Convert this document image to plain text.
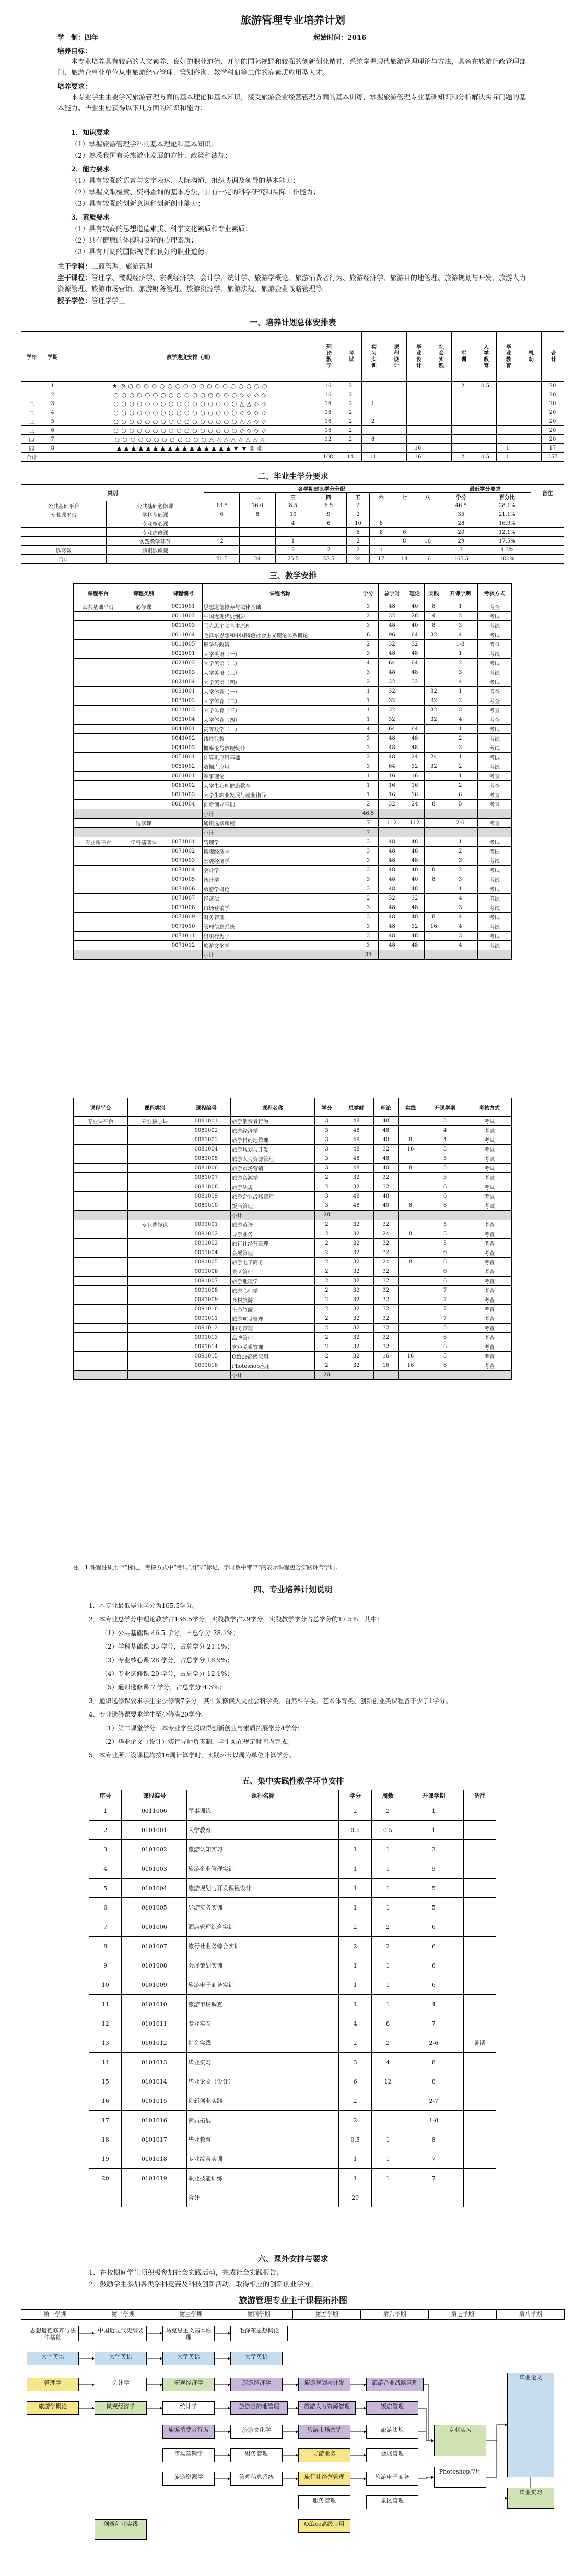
旅游管理专业培养计划
学　制：四年	起始时间：2016
培养目标：
本专业培养具有较高的人文素养、良好的职业道德、开阔的国际视野和较强的创新创业精神，系统掌握现代旅游管理理论与方法，具备在旅游行政管理部门、旅游企事业单位从事旅游经营管理、策划咨询、教学科研等工作的高素质应用型人才。
培养要求：
本专业学生主要学习旅游管理方面的基本理论和基本知识，接受旅游企业经营管理方面的基本训练，掌握旅游管理专业基础知识和分析解决实际问题的基本能力。毕业生应获得以下几方面的知识和能力：
1．知识要求
（1）掌握旅游管理学科的基本理论和基本知识；
（2）熟悉我国有关旅游业发展的方针、政策和法规；
2．能力要求
（1）具有较强的语言与文字表达、人际沟通、组织协调及领导的基本能力；
（2）掌握文献检索、资料查询的基本方法，具有一定的科学研究和实际工作能力；
（3）具有较强的创新意识和创新创业能力；
3．素质要求
（1）具有较高的思想道德素质、科学文化素质和专业素质；
（2）具有健康的体魄和良好的心理素质；
（3）具有开阔的国际视野和良好的职业道德。
主干学科：工商管理、旅游管理
主干课程：管理学、微观经济学、宏观经济学、会计学、统计学、旅游学概论、旅游消费者行为、旅游经济学、旅游目的地管理、旅游规划与开发、旅游人力资源管理、旅游市场营销、旅游财务管理、旅游资源学、旅游法规、旅游企业战略管理等。
授予学位：管理学学士
一、培养计划总体安排表
学年	学期	教学进度安排（周）	理论教学	考试	实习实训	课程设计	毕业设计	社会实践	军训	入学教育	毕业教育	机动	合计
一	1	★ ◎ ○ ○ ○ ○ ○ ○ ○ ○ ○ ○ ○ ○ ○ ○ ○ ○ ○ ○	16	2					2	0.5			20
一	2	○ ○ ○ ○ ○ ○ ○ ○ ○ ○ ○ ○ ○ ○ ○ ○ ◇ ◇ ◇ ◇	16	2									20
二	3	○ ○ ○ ○ ○ ○ ○ ○ ○ ○ ○ ○ ○ ○ ○ ○ △ △ ◇ ◇	16	2	1								20
二	4	○ ○ ○ ○ ○ ○ ○ ○ ○ ○ ○ ○ ○ ○ ○ ○ ◇ ◇ ◇ ◇	16	2									20
三	5	○ ○ ○ ○ ○ ○ ○ ○ ○ ○ ○ ○ ○ ○ ○ ○ △ △ ◇ ◇	16	2	2								20
三	6	○ ○ ○ ○ ○ ○ ○ ○ ○ ○ ○ ○ ○ ○ ○ ○ ◇ ◇ ◇ ◇	16	2									20
四	7	○ ○ ○ ○ ○ ○ ○ ○ ○ ○ ○ ○ △ △ △ △ △ △ △ △	12	2	8								20
四	8	▲ ▲ ▲ ▲ ▲ ▲ ▲ ▲ ▲ ▲ ▲ ▲ ▲ ▲ ▲ ▲ ★ ★ ◎ ◎					16				1		17
合计			108	14	11		16		2	0.5	1		157
二、毕业生学分要求
类别		各学期建议学分分配								最低学分要求		备注
		一	二	三	四	五	六	七	八	学分	百分比	
公共基础平台	公共基础必修课	13.5	16.0	8.5	6.5	2				46.5	28.1%	
专业课平台	学科基础课	6	8	10	9	2				35	21.1%	
	专业核心课			4	6	10	8			28	16.9%	
	专业选修课					6	8	6		20	12.1%	
	实践教学环节	2		1		2		8	16	29	17.5%	
选修课	通识选修课			2	2	2	1			7	4.3%	
合计		21.5	24	25.5	23.5	24	17	14	16	165.5	100%	
三、教学安排
课程平台	课程类别	课程编号	课程名称	学分	总学时	理论	实践	开课学期	考核方式
公共基础平台	必修课	0011001	思想道德修养与法律基础	3	48	40	8	1	考查
		0011002	中国近现代史纲要	2	32	28	4	2	考试
		0011003	马克思主义基本原理	3	48	40	8	3	考试
		0011004	毛泽东思想和中国特色社会主义理论体系概论	6	96	64	32	4	考试
		0011005	形势与政策	2	32	32		1-8	考查
		0021001	大学英语（一）	3	48	48		1	考试
		0021002	大学英语（二）	4	64	64		2	考试
		0021003	大学英语（三）	3	48	48		3	考试
		0021004	大学英语（四）	2	32	32		4	考试
		0031001	大学体育（一）	1	32		32	1	考查
		0031002	大学体育（二）	1	32		32	2	考查
		0031003	大学体育（三）	1	32		32	3	考查
		0031004	大学体育（四）	1	32		32	4	考查
		0041001	高等数学（一）	4	64	64		1	考试
		0041002	线性代数	3	48	48		2	考试
		0041003	概率论与数理统计	3	48	48		3	考试
		0051001	计算机应用基础	2	48	24	24	1	考试
		0051002	数据库应用	3	64	32	32	2	考试
		0061001	军事理论	1	16	16		1	考查
		0061002	大学生心理健康教育	1	16	16		2	考查
		0061003	大学生职业发展与就业指导	1	16	16		6	考查
		0061004	创新创业基础	2	32	24	8	5	考查
			小计	46.5					
	选修课		通识选修课程	7	112	112		2-6	考查
			小计	7					
专业课平台	学科基础课	0071001	管理学	3	48	48		1	考试
		0071002	微观经济学	3	48	48		2	考试
		0071003	宏观经济学	3	48	48		3	考试
		0071004	会计学	3	48	40	8	2	考试
		0071005	统计学	3	48	40	8	3	考试
		0071006	旅游学概论	3	48	48		1	考试
		0071007	经济法	2	32	32		4	考试
		0071008	市场营销学	3	48	48		3	考试
		0071009	财务管理	3	48	40	8	4	考试
		0071010	管理信息系统	3	48	32	16	4	考试
		0071011	组织行为学	3	48	48		3	考试
		0071012	旅游文化学	3	48	48		4	考试
			小计	35					
课程平台	课程类别	课程编号	课程名称	学分	总学时	理论	实践	开课学期	考核方式
专业课平台	专业核心课	0081001	旅游消费者行为	3	48	48		3	考试
		0081002	旅游经济学	3	48	48		4	考试
		0081003	旅游目的地管理	3	48	40	8	4	考试
		0081004	旅游规划与开发	3	48	32	16	5	考试
		0081005	旅游人力资源管理	3	48	48		5	考试
		0081006	旅游市场营销	3	48	40	8	5	考试
		0081007	旅游资源学	2	32	32		3	考试
		0081008	旅游法规	2	32	32		6	考试
		0081009	旅游企业战略管理	3	48	48		6	考试
		0081010	饭店管理	3	48	40	8	6	考试
			小计	28					
	专业选修课	0091001	旅游英语	2	32	32		5	考查
		0091002	导游业务	2	32	24	8	5	考查
		0091003	旅行社经营管理	2	32	32		5	考查
		0091004	会展管理	2	32	32		6	考查
		0091005	旅游电子商务	2	32	24	8	6	考查
		0091006	景区管理	2	32	32		6	考查
		0091007	旅游地理学	2	32	32		6	考查
		0091008	旅游心理学	2	32	32		7	考查
		0091009	乡村旅游	2	32	32		7	考查
		0091010	生态旅游	2	32	32		7	考查
		0091011	旅游项目管理	2	32	32		7	考查
		0091012	服务管理	2	32	32		5	考查
		0091013	品牌管理	2	32	32		6	考查
		0091014	客户关系管理	2	32	32		6	考查
		0091015	Office高级应用	2	32	16	16	5	考查
		0091016	Photoshop应用	2	32	16	16	6	考查
			小计	20					
注：1.课程性质用“*”标记，考核方式中“考试”用“√”标记，学时数中带“*”的表示课程包含实践环节学时。
四、专业培养计划说明
1．本专业最低毕业学分为165.5学分。
2．本专业总学分中理论教学占136.5学分，实践教学占29学分，实践教学学分占总学分的17.5%，其中：
（1）公共基础课 46.5 学分，占总学分 28.1%；
（2）学科基础课 35 学分，占总学分 21.1%；
（3）专业核心课 28 学分，占总学分 16.9%；
（4）专业选修课 20 学分，占总学分 12.1%；
（5）通识选修课 7 学分，占总学分 4.3%；
3．通识选修课要求学生至少修满7学分，其中须修读人文社会科学类、自然科学类、艺术体育类、创新创业类课程各不少于1学分。
4．专业选修课要求学生至少修满20学分。
（1）第二课堂学分：本专业学生须取得创新创业与素质拓展学分4学分；
（2）毕业论文（设计）实行导师负责制，学生须在规定时间内完成。
5．本专业所开设课程均按16周计算学时，实践环节以周为单位计算学分。
五、集中实践性教学环节安排
序号	课程编号	课程名称	学分	周数	开课学期	备注
1	0011006	军事训练	2	2	1	
2	0101001	入学教育	0.5	0.5	1	
3	0101002	旅游认知实习	1	1	3	
4	0101003	旅游企业管理实训	1	1	5	
5	0101004	旅游规划与开发课程设计	1	1	5	
6	0101005	导游实务实训	1	1	5	
7	0101006	酒店管理综合实训	2	2	6	
8	0101007	旅行社业务综合实训	2	2	6	
9	0101008	会展策划实训	1	1	6	
10	0101009	旅游电子商务实训	1	1	6	
11	0101010	旅游市场调查	1	1	4	
12	0101011	专业实习	4	8	7	
13	0101012	社会实践	2	2	2-6	暑期
14	0101013	毕业实习	3	4	8	
15	0101014	毕业论文（设计）	6	12	8	
16	0101015	创新创业实践	2		2-7	
17	0101016	素质拓展	2		1-8	
18	0101017	毕业教育	0.5	1	8	
19	0101018	专业综合实训	1	1	7	
20	0101019	职业技能训练	1	1	7	
		合计	29			
六、课外安排与要求
1．在校期间学生须积极参加社会实践活动，完成社会实践报告。
2．鼓励学生参加各类学科竞赛及科技创新活动，取得相应的创新创业学分。
旅游管理专业主干课程拓扑图
第一学期	第二学期	第三学期	第四学期	第五学期	第六学期	第七学期	第八学期
思想道德修养与法律基础
中国近现代史纲要	马克思主义基本原理
毛泽东思想概论
大学英语	大学英语	大学英语	大学英语
管理学
旅游学概论
会计学
微观经济学
宏观经济学
统计学
旅游消费者行为
旅游经济学
旅游目的地管理
旅游规划与开发
旅游人力资源管理
旅游市场营销
旅游企业战略管理
饭店管理
旅游法规	专业实习
毕业论文
毕业实习
旅游文化学
市场营销学	财务管理
管理信息系统
旅游资源学
导游业务
旅行社经营管理
会展管理
旅游电子商务
景区管理
服务管理
Photoshop应用
Office高级应用
创新创业实践
